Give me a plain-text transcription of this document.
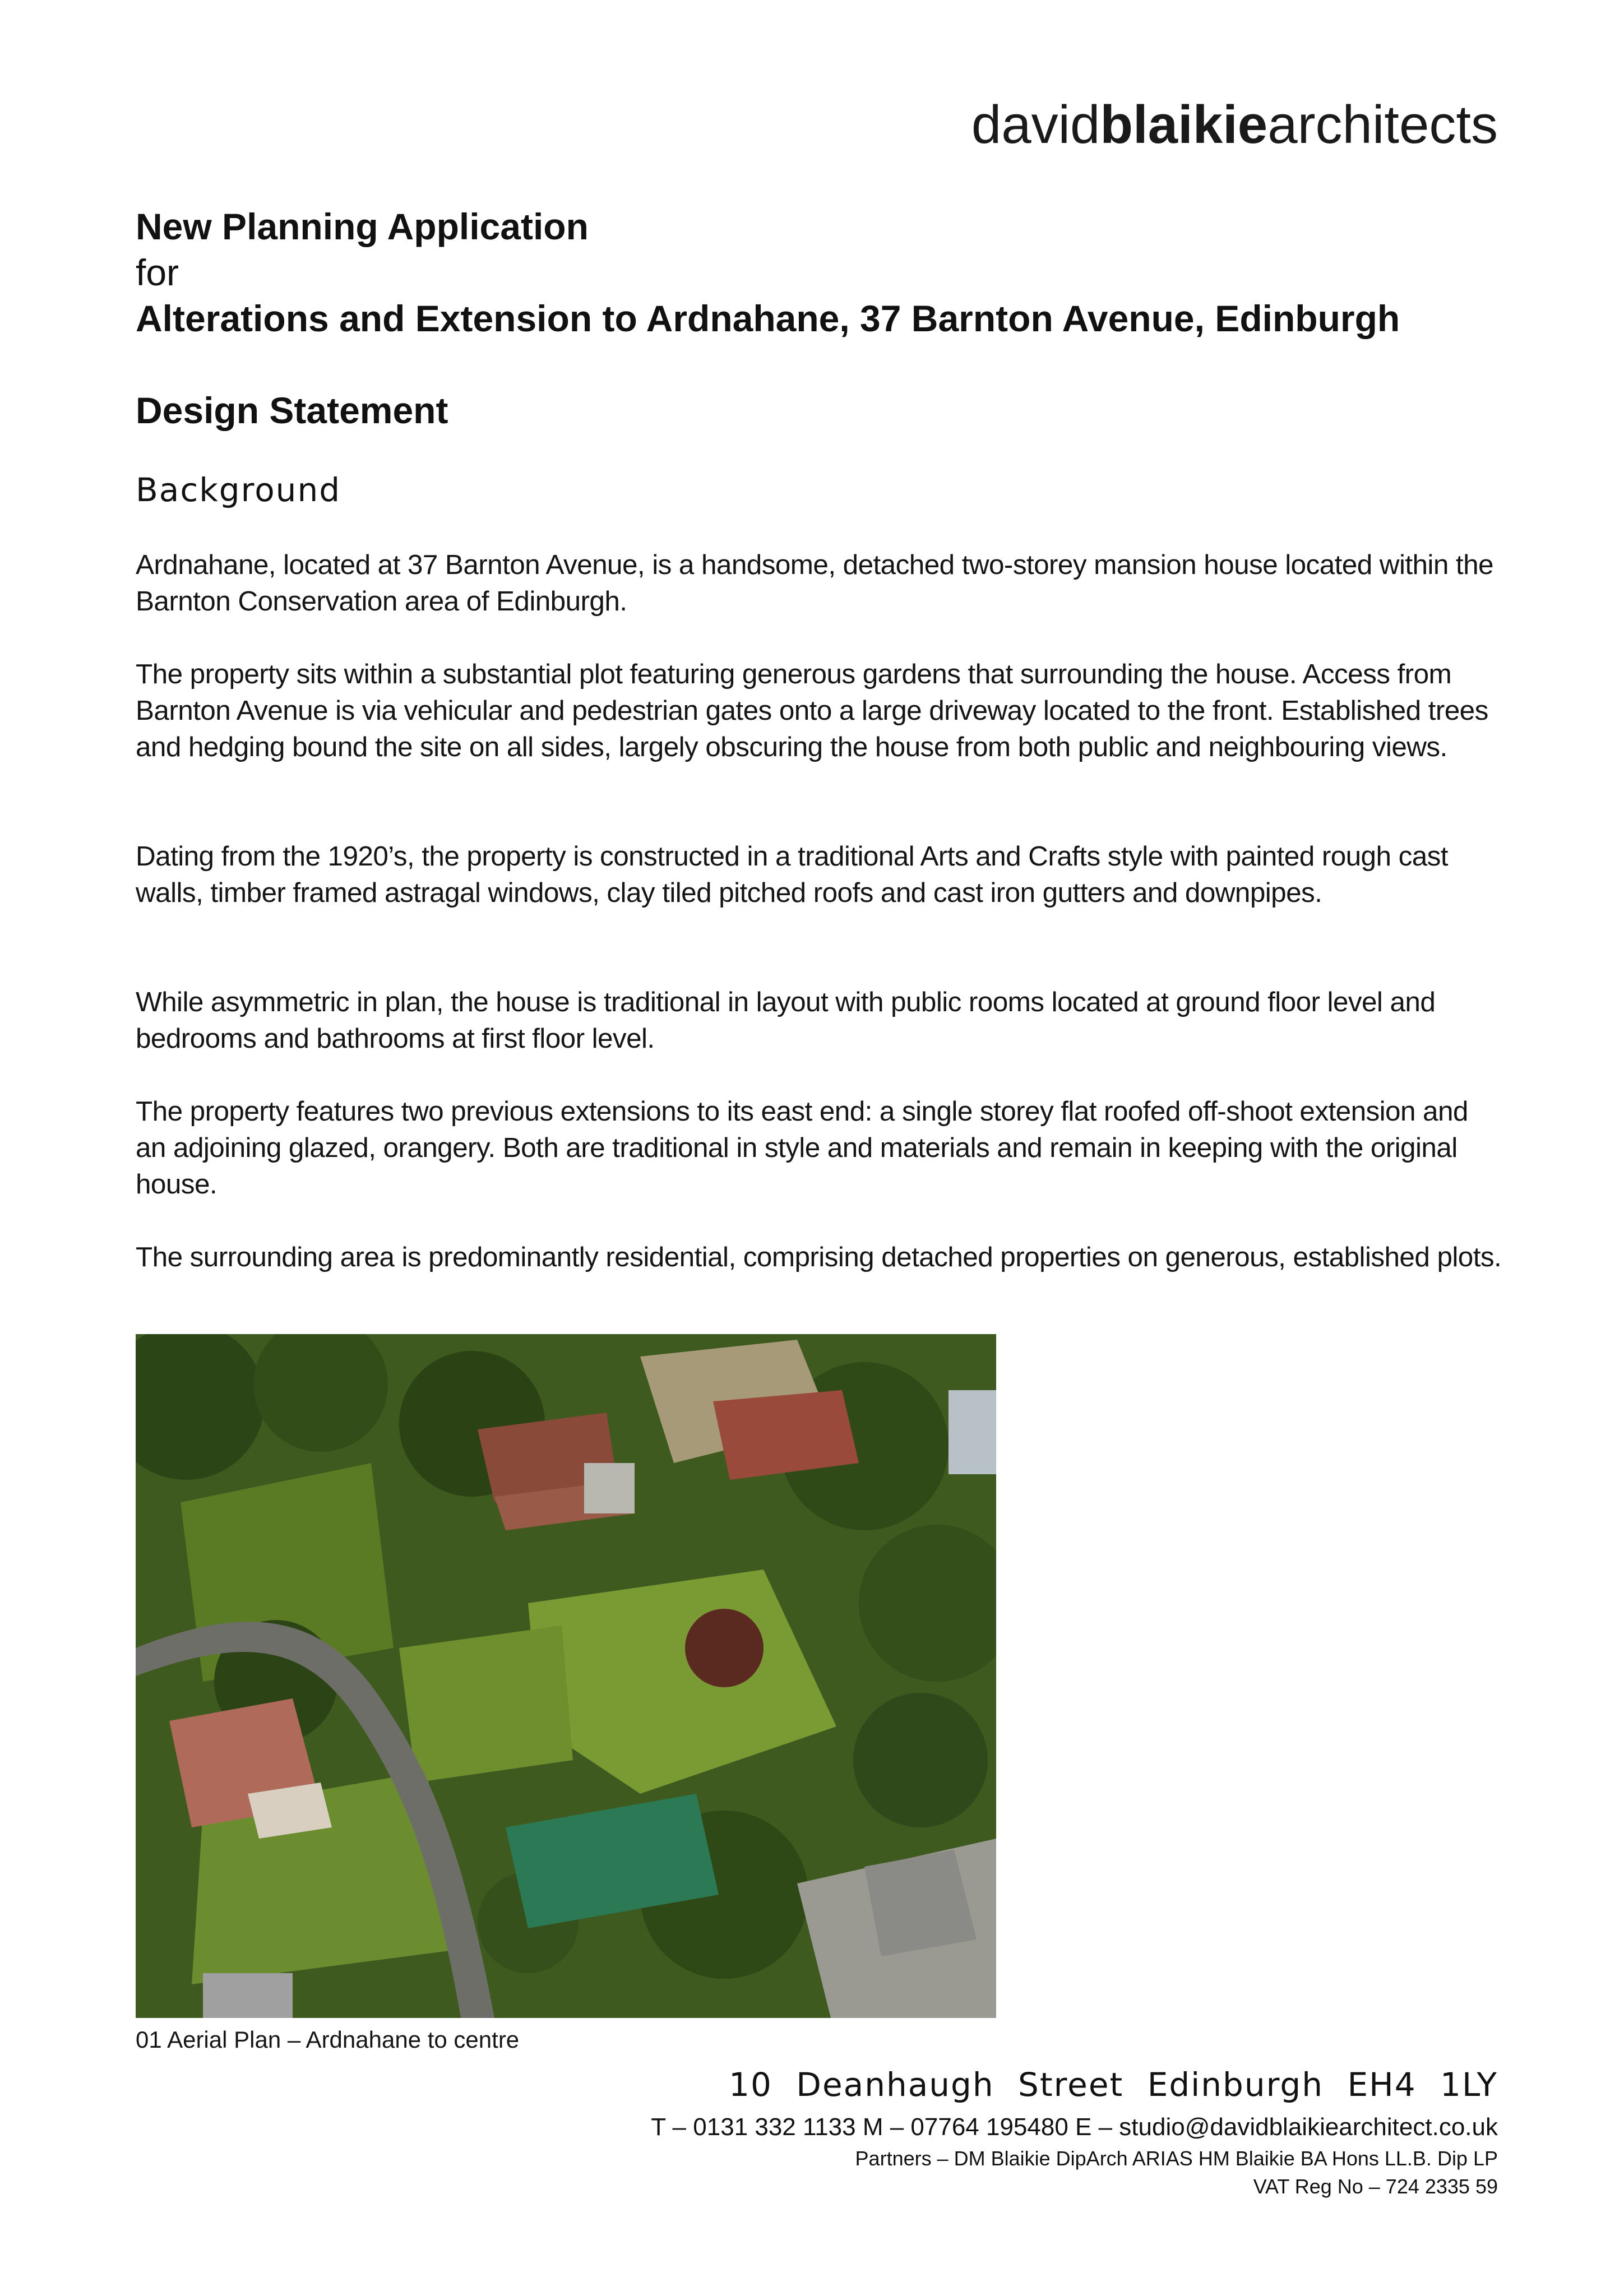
davidblaikiearchitects
New Planning Application
for
Alterations and Extension to Ardnahane, 37 Barnton Avenue, Edinburgh
Design Statement
Background
Ardnahane, located at 37 Barnton Avenue, is a handsome, detached two-storey mansion house located within the Barnton Conservation area of Edinburgh.
The property sits within a substantial plot featuring generous gardens that surrounding the house. Access from Barnton Avenue is via vehicular and pedestrian gates onto a large driveway located to the front. Established trees and hedging bound the site on all sides, largely obscuring the house from both public and neighbouring views.
Dating from the 1920’s, the property is constructed in a traditional Arts and Crafts style with painted rough cast walls, timber framed astragal windows, clay tiled pitched roofs and cast iron gutters and downpipes.
While asymmetric in plan, the house is traditional in layout with public rooms located at ground floor level and bedrooms and bathrooms at first floor level.
The property features two previous extensions to its east end: a single storey flat roofed off-shoot extension and an adjoining glazed, orangery. Both are traditional in style and materials and remain in keeping with the original house.
The surrounding area is predominantly residential, comprising detached properties on generous, established plots.
01 Aerial Plan – Ardnahane to centre
10 Deanhaugh Street Edinburgh EH4 1LY
T – 0131 332 1133 M – 07764 195480 E – studio@davidblaikiearchitect.co.uk
Partners – DM Blaikie DipArch ARIAS HM Blaikie BA Hons LL.B. Dip LP
VAT Reg No – 724 2335 59
